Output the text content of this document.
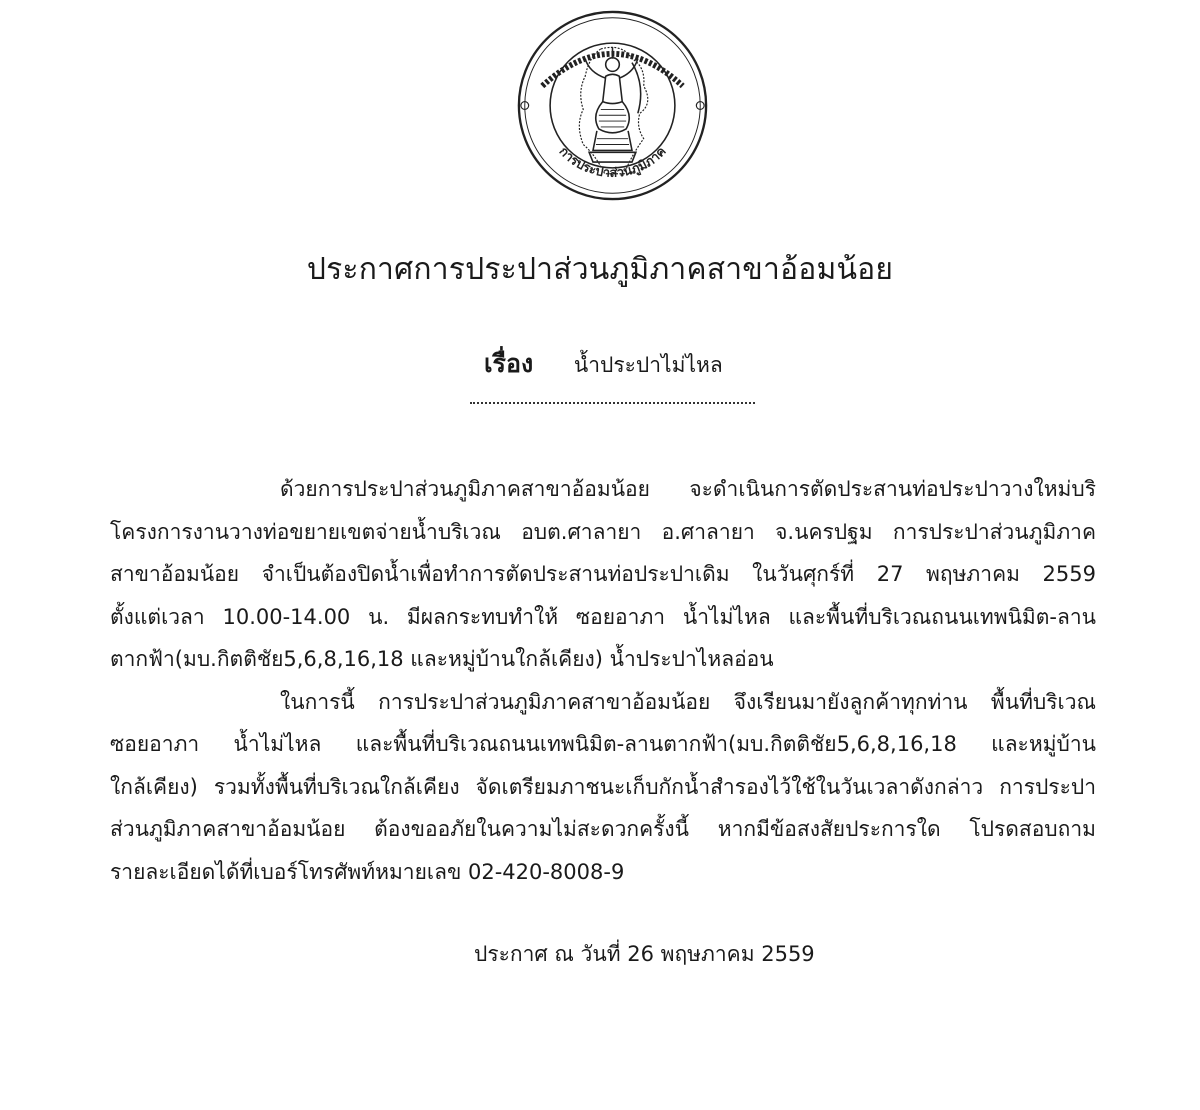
การประปาส่วนภูมิภาค
ประกาศการประปาส่วนภูมิภาคสาขาอ้อมน้อย
เรื่อง น้ำประปาไม่ไหล
ด้วยการประปาส่วนภูมิภาคสาขาอ้อมน้อย จะดำเนินการตัดประสานท่อประปาวางใหม่บริ
โครงการงานวางท่อขยายเขตจ่ายน้ำบริเวณ อบต.ศาลายา อ.ศาลายา จ.นครปฐม การประปาส่วนภูมิภาค
สาขาอ้อมน้อย จำเป็นต้องปิดน้ำเพื่อทำการตัดประสานท่อประปาเดิม ในวันศุกร์ที่ 27 พฤษภาคม 2559
ตั้งแต่เวลา 10.00-14.00 น. มีผลกระทบทำให้ ซอยอาภา น้ำไม่ไหล และพื้นที่บริเวณถนนเทพนิมิต-ลาน
ตากฟ้า(มบ.กิตติชัย5,6,8,16,18 และหมู่บ้านใกล้เคียง) น้ำประปาไหลอ่อน
ในการนี้ การประปาส่วนภูมิภาคสาขาอ้อมน้อย จึงเรียนมายังลูกค้าทุกท่าน พื้นที่บริเวณ
ซอยอาภา น้ำไม่ไหล และพื้นที่บริเวณถนนเทพนิมิต-ลานตากฟ้า(มบ.กิตติชัย5,6,8,16,18 และหมู่บ้าน
ใกล้เคียง) รวมทั้งพื้นที่บริเวณใกล้เคียง จัดเตรียมภาชนะเก็บกักน้ำสำรองไว้ใช้ในวันเวลาดังกล่าว การประปา
ส่วนภูมิภาคสาขาอ้อมน้อย ต้องขออภัยในความไม่สะดวกครั้งนี้ หากมีข้อสงสัยประการใด โปรดสอบถาม
รายละเอียดได้ที่เบอร์โทรศัพท์หมายเลข 02-420-8008-9
ประกาศ ณ วันที่ 26 พฤษภาคม 2559
